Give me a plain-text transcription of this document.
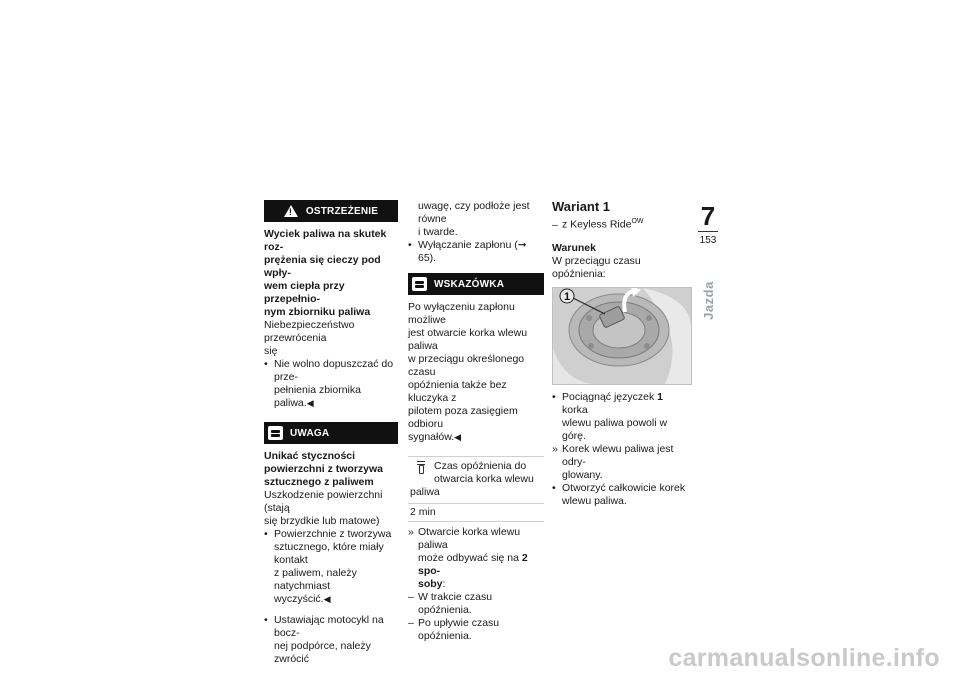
!
OSTRZEŻENIE
Wyciek paliwa na skutek roz-
prężenia się cieczy pod wpły-
wem ciepła przy przepełnio-
nym zbiorniku paliwa
Niebezpieczeństwo przewrócenia
się
• Nie wolno dopuszczać do prze-
pełnienia zbiornika paliwa.◀
UWAGA
Unikać styczności
powierzchni z tworzywa
sztucznego z paliwem
Uszkodzenie powierzchni (stają
się brzydkie lub matowe)
• Powierzchnie z tworzywa
sztucznego, które miały kontakt
z paliwem, należy natychmiast
wyczyścić.◀
• Ustawiając motocykl na bocz-
nej podpórce, należy zwrócić
uwagę, czy podłoże jest równe
i twarde.
• Wyłączanie zapłonu (➞ 65).
WSKAZÓWKA
Po wyłączeniu zapłonu możliwe
jest otwarcie korka wlewu paliwa
w przeciągu określonego czasu
opóźnienia także bez kluczyka z
pilotem poza zasięgiem odbioru
sygnałów.◀
Czas opóźnienia do
otwarcia korka wlewu
paliwa
2 min
» Otwarcie korka wlewu paliwa
może odbywać się na 2 spo-
soby:
– W trakcie czasu opóźnienia.
– Po upływie czasu opóźnienia.
Wariant 1
– z Keyless Ride$^{OW}$
Warunek
W przeciągu czasu opóźnienia:
1
• Pociągnąć języczek 1 korka
wlewu paliwa powoli w górę.
» Korek wlewu paliwa jest odry-
glowany.
• Otworzyć całkowicie korek
wlewu paliwa.
7
153
Jazda
carmanualsonline.info
